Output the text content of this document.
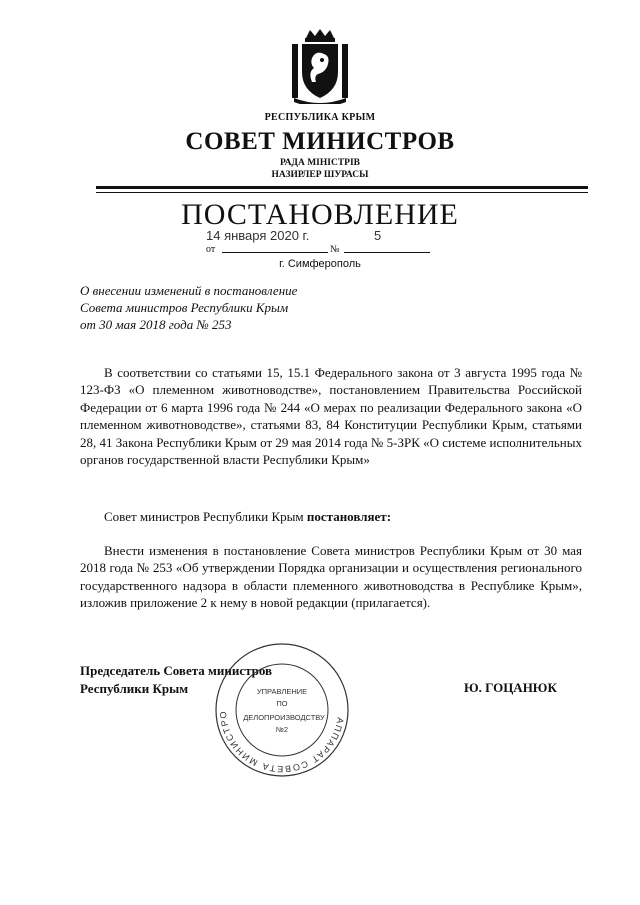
РЕСПУБЛИКА КРЫМ
СОВЕТ МИНИСТРОВ
РАДА МІНІСТРІВ
НАЗИРЛЕР ШУРАСЫ
ПОСТАНОВЛЕНИЕ
14 января 2020 г.	5
от	№
г. Симферополь
О внесении изменений в постановление
Совета министров Республики Крым
от 30 мая 2018 года № 253
В соответствии со статьями 15, 15.1 Федерального закона от 3 августа 1995 года № 123-ФЗ «О племенном животноводстве», постановлением Правительства Российской Федерации от 6 марта 1996 года № 244 «О мерах по реализации Федерального закона «О племенном животноводстве», статьями 83, 84 Конституции Республики Крым, статьями 28, 41 Закона Республики Крым от 29 мая 2014 года № 5-ЗРК «О системе исполнительных органов государственной власти Республики Крым»
Совет министров Республики Крым постановляет:
Внести изменения в постановление Совета министров Республики Крым от 30 мая 2018 года № 253 «Об утверждении Порядка организации и осуществления регионального государственного надзора в области племенного животноводства в Республике Крым», изложив приложение 2 к нему в новой редакции (прилагается).
Председатель Совета министров
Республики Крым	Ю. ГОЦАНЮК
АППАРАТ СОВЕТА МИНИСТРО
УПРАВЛЕНИЕ
ПО
ДЕЛОПРОИЗВОДСТВУ
№2
